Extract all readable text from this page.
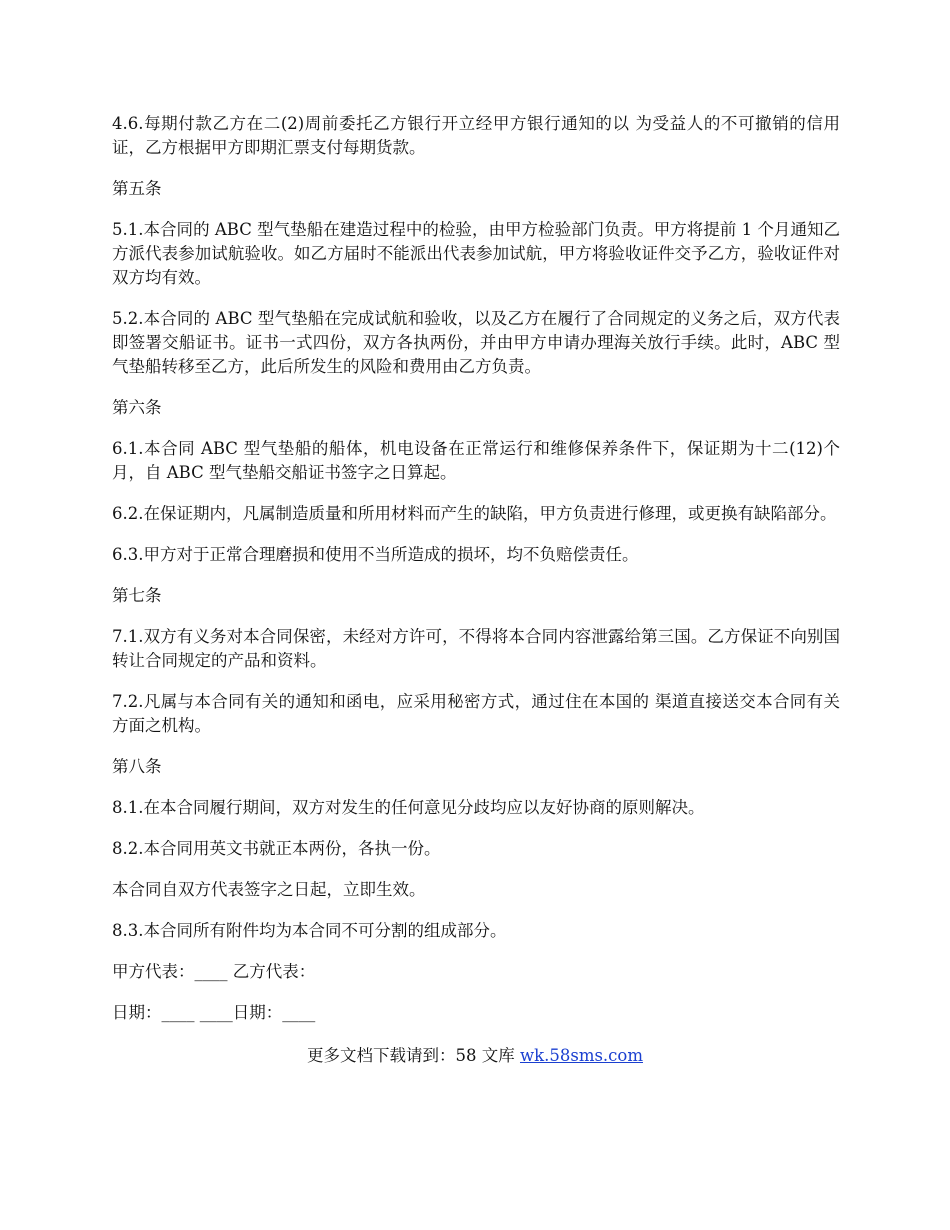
4.6.每期付款乙方在二(2)周前委托乙方银行开立经甲方银行通知的以 为受益人的不可撤销的信用证，乙方根据甲方即期汇票支付每期货款。

第五条

5.1.本合同的 ABC 型气垫船在建造过程中的检验，由甲方检验部门负责。甲方将提前 1 个月通知乙方派代表参加试航验收。如乙方届时不能派出代表参加试航，甲方将验收证件交予乙方，验收证件对双方均有效。

5.2.本合同的 ABC 型气垫船在完成试航和验收，以及乙方在履行了合同规定的义务之后，双方代表即签署交船证书。证书一式四份，双方各执两份，并由甲方申请办理海关放行手续。此时，ABC 型气垫船转移至乙方，此后所发生的风险和费用由乙方负责。

第六条

6.1.本合同 ABC 型气垫船的船体，机电设备在正常运行和维修保养条件下，保证期为十二(12)个月，自 ABC 型气垫船交船证书签字之日算起。

6.2.在保证期内，凡属制造质量和所用材料而产生的缺陷，甲方负责进行修理，或更换有缺陷部分。

6.3.甲方对于正常合理磨损和使用不当所造成的损坏，均不负赔偿责任。

第七条

7.1.双方有义务对本合同保密，未经对方许可，不得将本合同内容泄露给第三国。乙方保证不向别国转让合同规定的产品和资料。

7.2.凡属与本合同有关的通知和函电，应采用秘密方式，通过住在本国的 渠道直接送交本合同有关方面之机构。

第八条

8.1.在本合同履行期间，双方对发生的任何意见分歧均应以友好协商的原则解决。

8.2.本合同用英文书就正本两份，各执一份。

本合同自双方代表签字之日起，立即生效。

8.3.本合同所有附件均为本合同不可分割的组成部分。

甲方代表：____ 乙方代表：

日期：____ ____日期：____

更多文档下载请到：58 文库 wk.58sms.com
